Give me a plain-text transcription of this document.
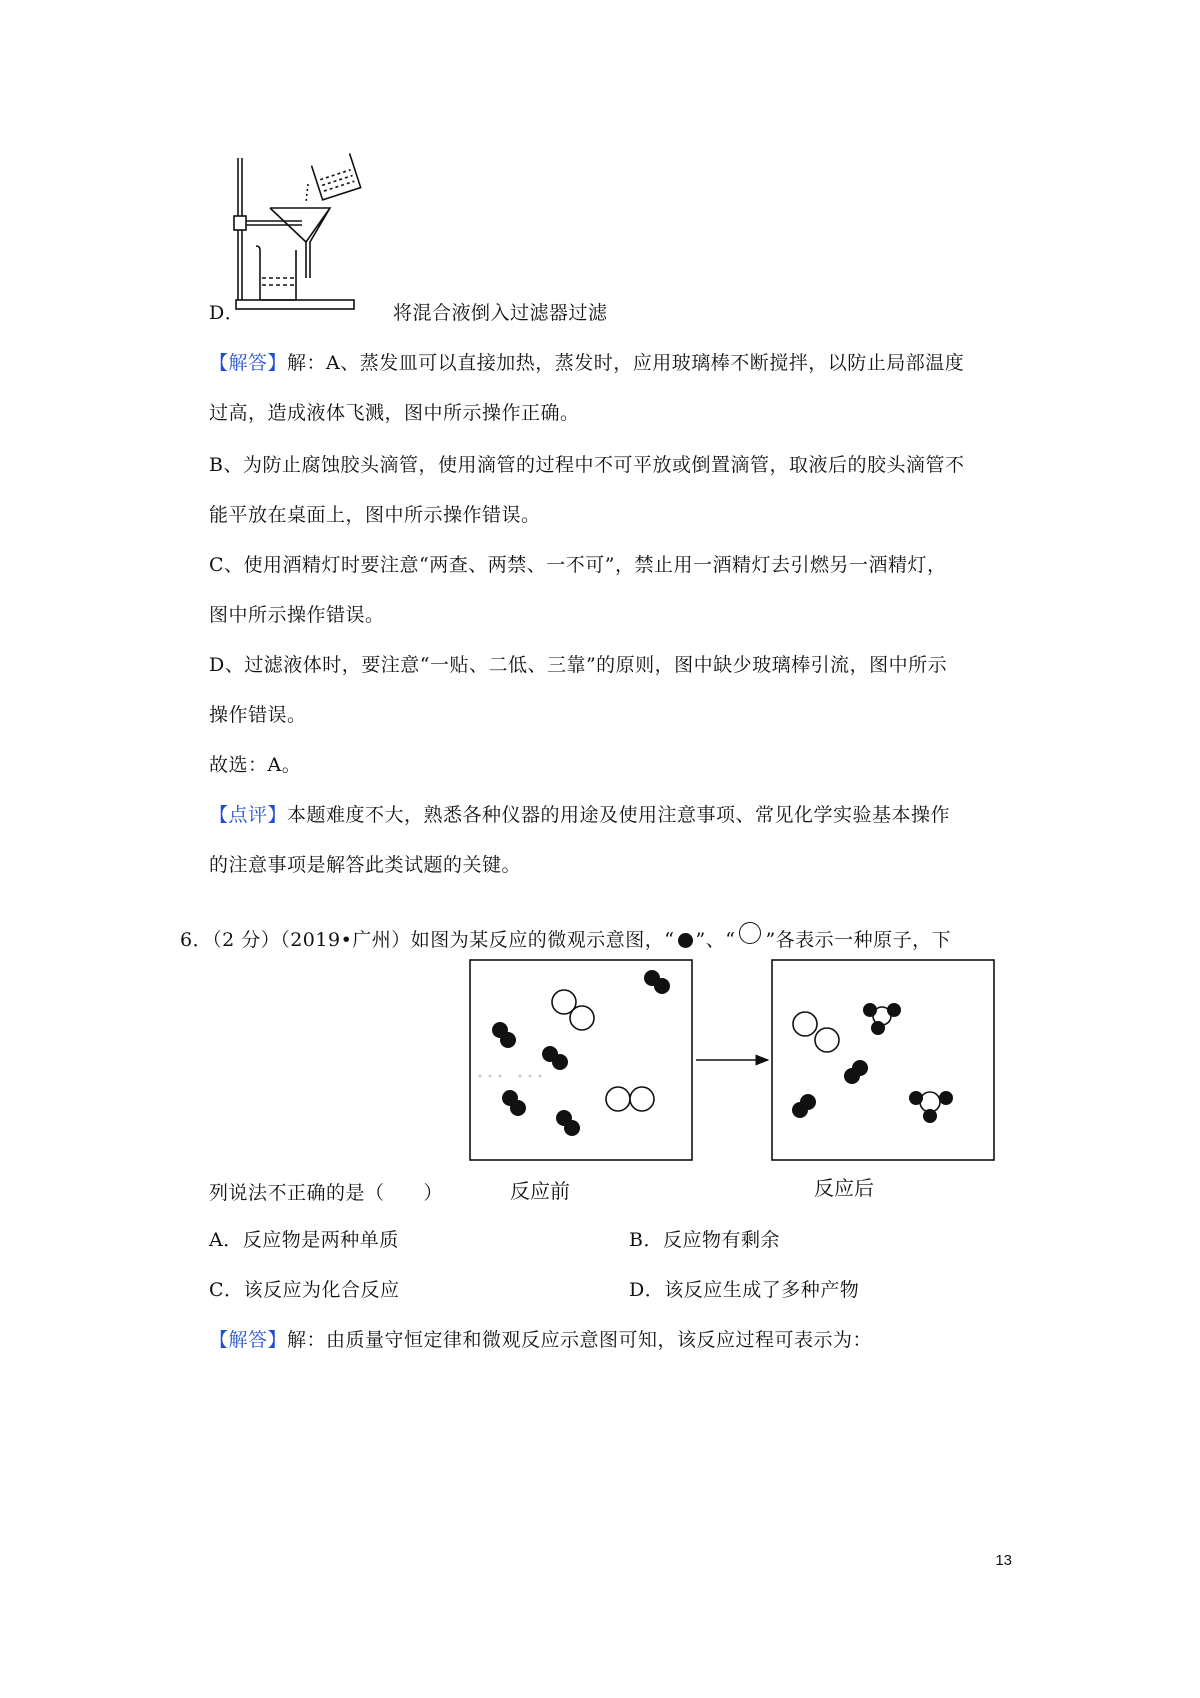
D．	将混合液倒入过滤器过滤
【解答】解：A、蒸发皿可以直接加热，蒸发时，应用玻璃棒不断搅拌，以防止局部温度
过高，造成液体飞溅，图中所示操作正确。
B、为防止腐蚀胶头滴管，使用滴管的过程中不可平放或倒置滴管，取液后的胶头滴管不
能平放在桌面上，图中所示操作错误。
C、使用酒精灯时要注意“两查、两禁、一不可”，禁止用一酒精灯去引燃另一酒精灯，
图中所示操作错误。
D、过滤液体时，要注意“一贴、二低、三靠”的原则，图中缺少玻璃棒引流，图中所示
操作错误。
故选：A。
【点评】本题难度不大，熟悉各种仪器的用途及使用注意事项、常见化学实验基本操作
的注意事项是解答此类试题的关键。
6．（2 分）（2019•广州）如图为某反应的微观示意图，“ ”、“ ”各表示一种原子，下
反应前	反应后
列说法不正确的是（　　）
A．反应物是两种单质	B．反应物有剩余
C．该反应为化合反应	D．该反应生成了多种产物
【解答】解：由质量守恒定律和微观反应示意图可知，该反应过程可表示为：
13
